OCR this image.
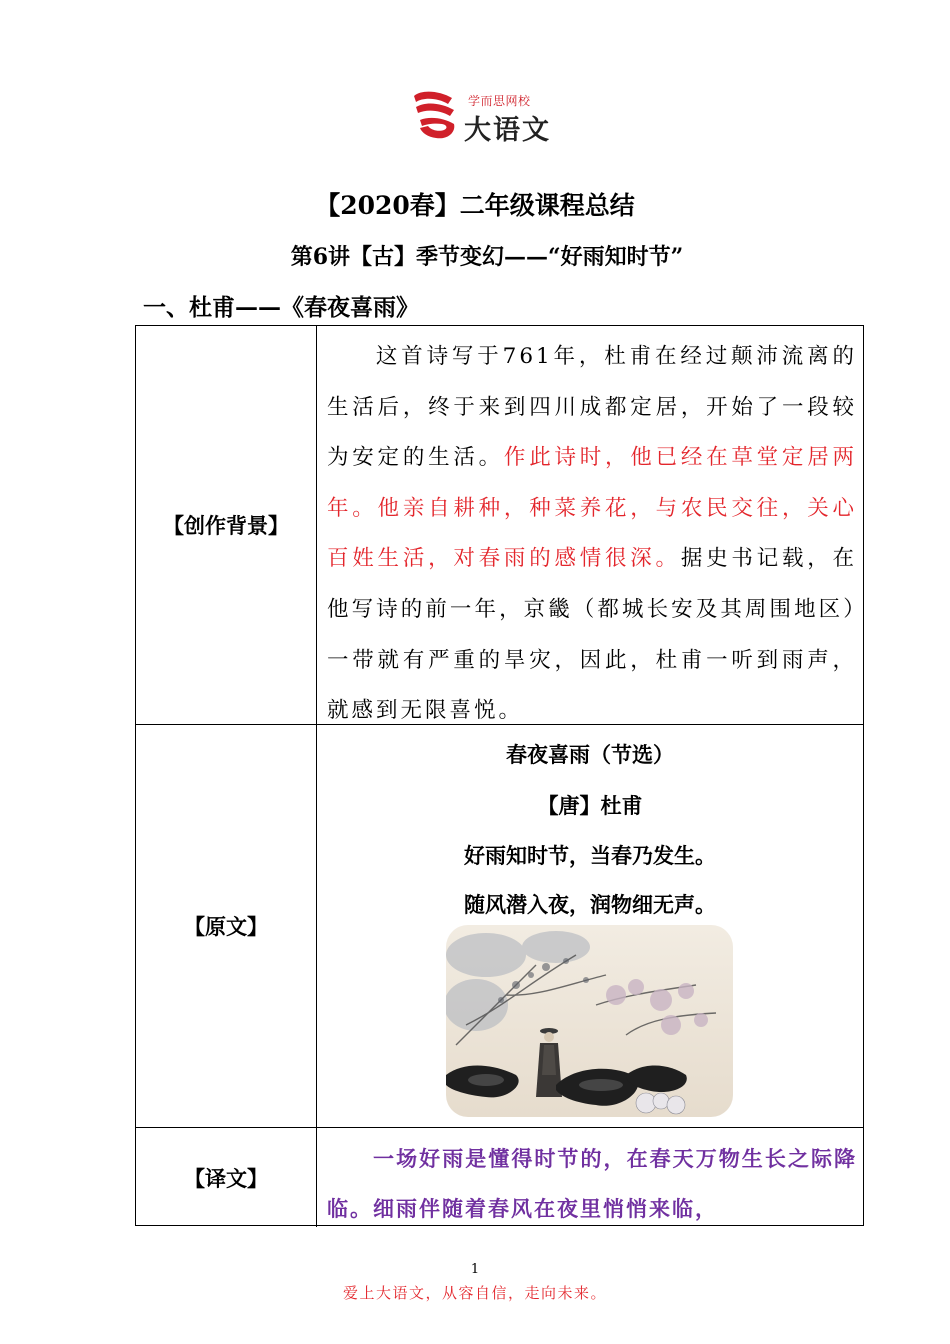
学而思网校
大语文
【2020春】二年级课程总结
第6讲【古】季节变幻——“好雨知时节”
一、杜甫——《春夜喜雨》
【创作背景】
这首诗写于761年，杜甫在经过颠沛流离的生活后，终于来到四川成都定居，开始了一段较为安定的生活。作此诗时，他已经在草堂定居两年。他亲自耕种，种菜养花，与农民交往，关心百姓生活，对春雨的感情很深。据史书记载，在他写诗的前一年，京畿（都城长安及其周围地区）一带就有严重的旱灾，因此，杜甫一听到雨声，就感到无限喜悦。
【原文】
春夜喜雨（节选）
【唐】杜甫
好雨知时节，当春乃发生。
随风潜入夜，润物细无声。
【译文】
一场好雨是懂得时节的，在春天万物生长之际降临。细雨伴随着春风在夜里悄悄来临，
1
爱上大语文，从容自信，走向未来。
